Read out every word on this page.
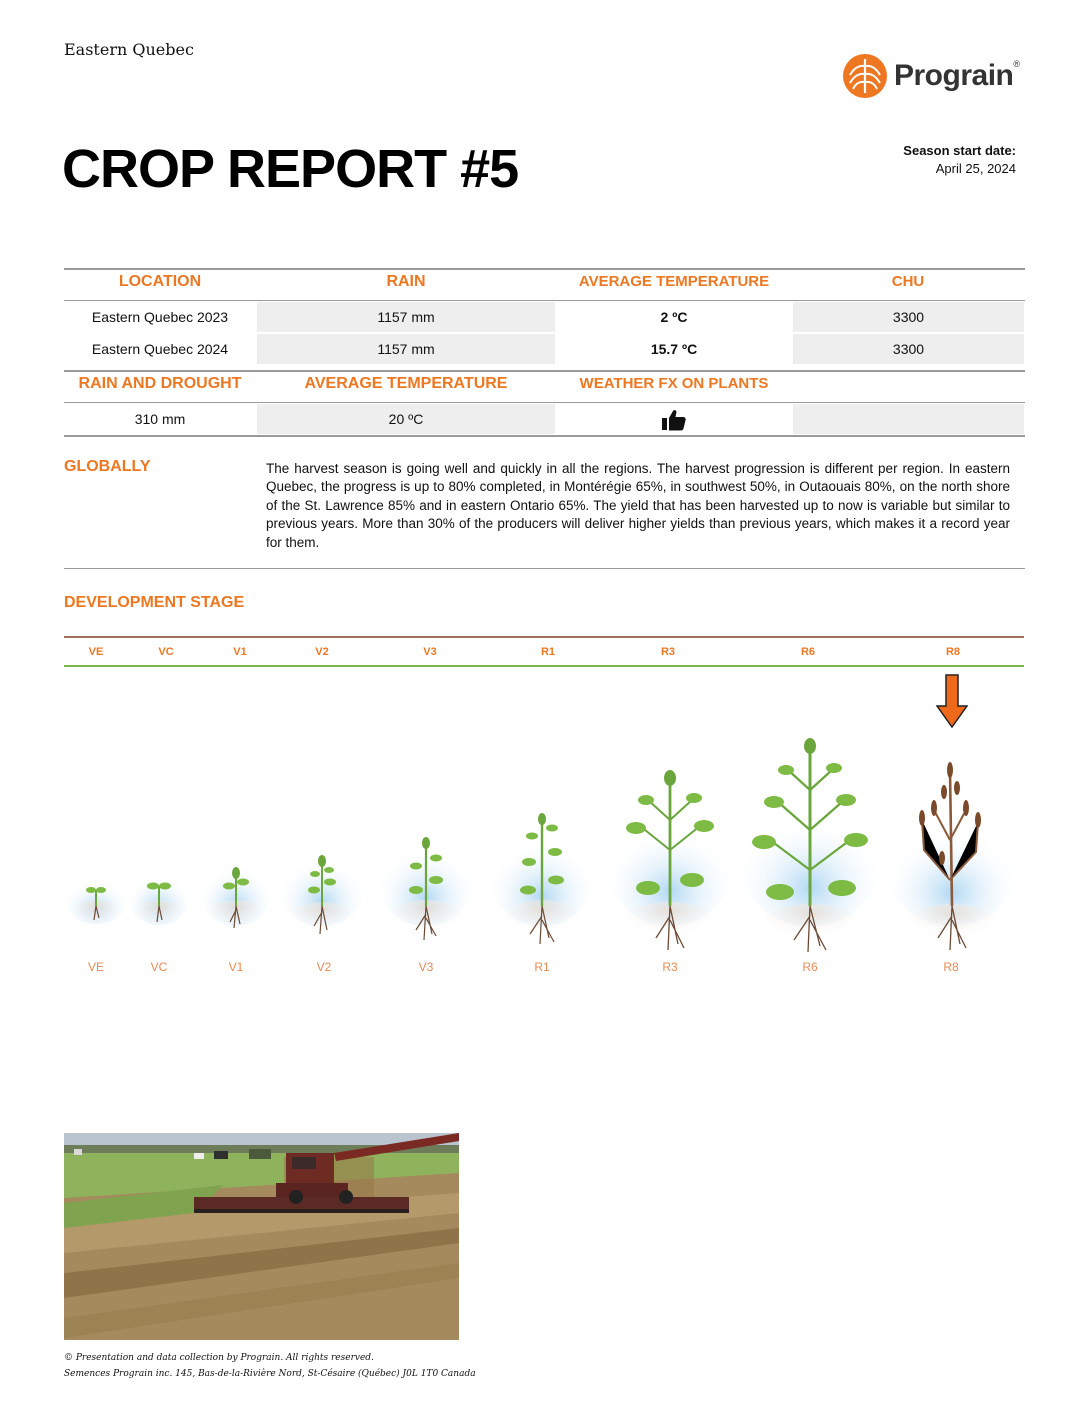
Eastern Quebec
Prograin®
CROP REPORT #5	Season start date:
April 25, 2024
LOCATION	RAIN	AVERAGE TEMPERATURE	CHU
Eastern Quebec 2023	1157 mm	2 ºC	3300
Eastern Quebec 2024	1157 mm	15.7 ºC	3300
RAIN AND DROUGHT	AVERAGE TEMPERATURE	WEATHER FX ON PLANTS
310 mm	20 ºC
GLOBALLY	The harvest season is going well and quickly in all the regions. The harvest progression is different per region. In eastern Quebec, the progress is up to 80% completed, in Montérégie 65%, in southwest 50%, in Outaouais 80%, on the north shore of the St. Lawrence 85% and in eastern Ontario 65%. The yield that has been harvested up to now is variable but similar to previous years. More than 30% of the producers will deliver higher yields than previous years, which makes it a record year for them.
DEVELOPMENT STAGE
VE	VC	V1	V2	V3	R1	R3	R6	R8
VE	VC	V1	V2	V3	R1	R3	R6	R8
© Presentation and data collection by Prograin. All rights reserved.
Semences Prograin inc. 145, Bas-de-la-Rivière Nord, St-Césaire (Québec) J0L 1T0 Canada
